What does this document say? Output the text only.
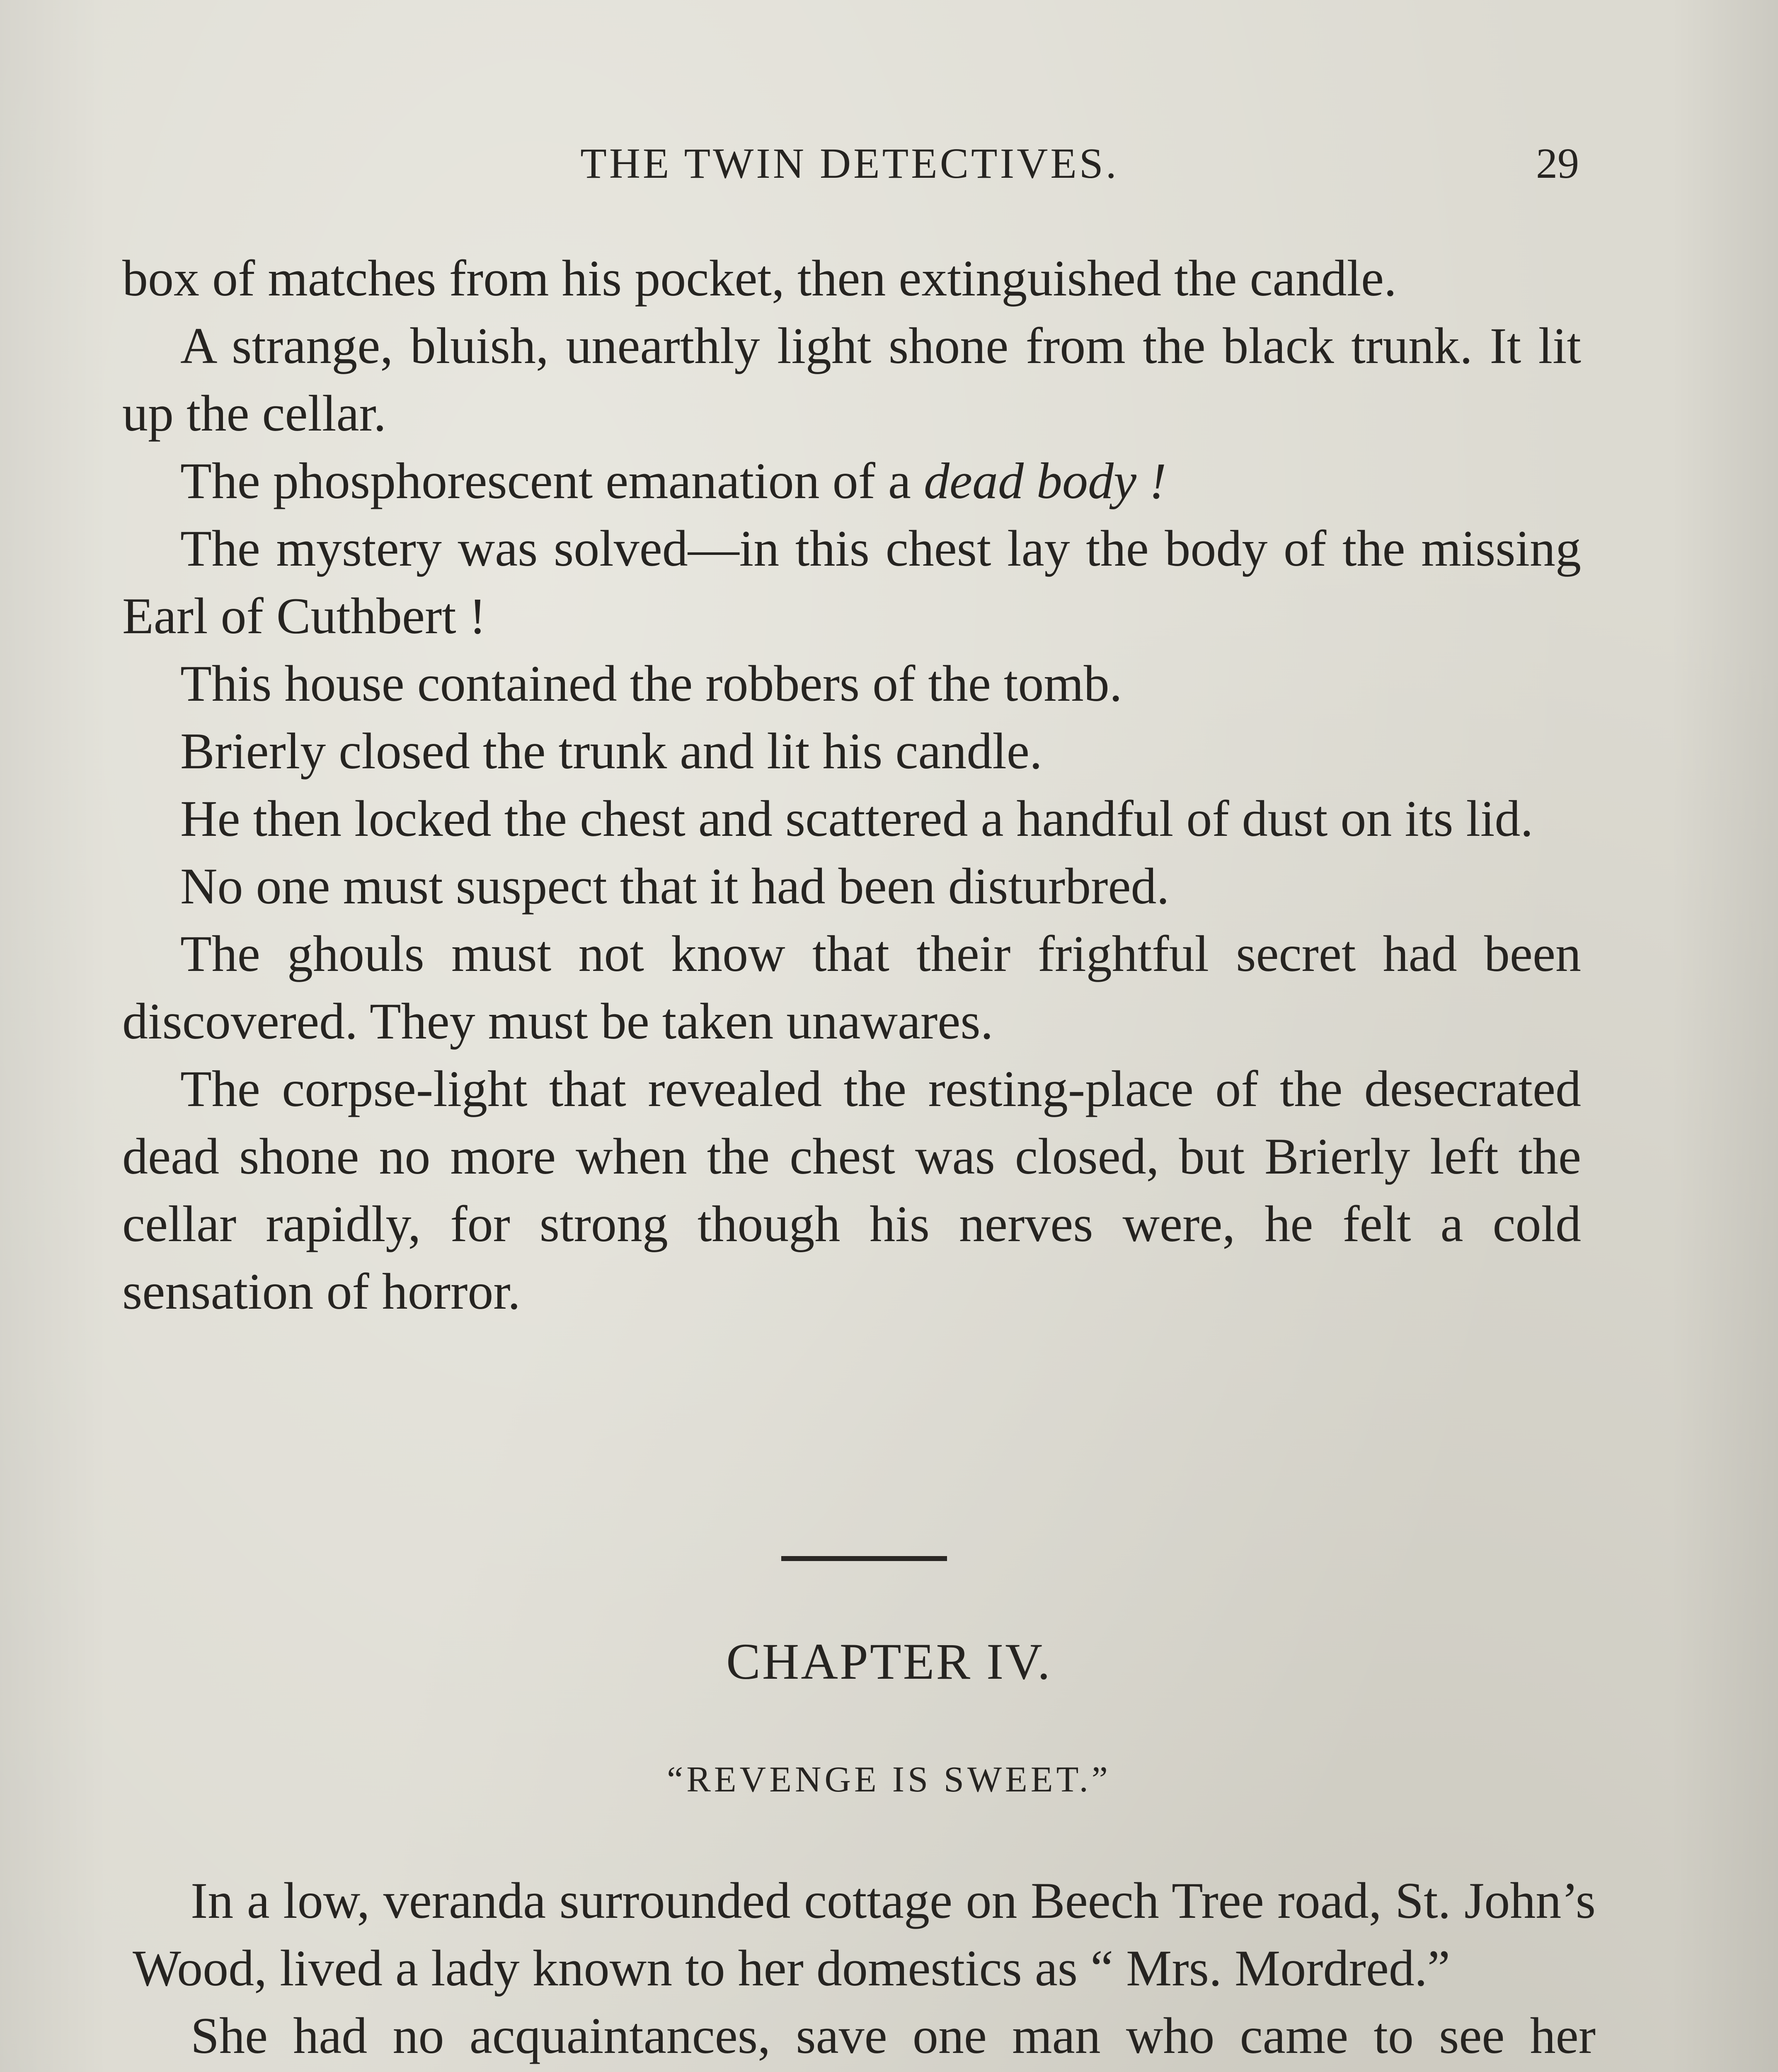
THE TWIN DETECTIVES.	29

box of matches from his pocket, then extinguished the candle.

A strange, bluish, unearthly light shone from the black trunk. It lit up the cellar.

The phosphorescent emanation of a dead body !

The mystery was solved—in this chest lay the body of the missing Earl of Cuthbert !

This house contained the robbers of the tomb.

Brierly closed the trunk and lit his candle.

He then locked the chest and scattered a handful of dust on its lid.

No one must suspect that it had been disturbred.

The ghouls must not know that their frightful secret had been discovered. They must be taken unawares.

The corpse-light that revealed the resting-place of the desecrated dead shone no more when the chest was closed, but Brierly left the cellar rapidly, for strong though his nerves were, he felt a cold sensation of horror.

CHAPTER IV.
“REVENGE IS SWEET.”

In a low, veranda surrounded cottage on Beech Tree road, St. John’s Wood, lived a lady known to her domestics as “ Mrs. Mordred.”

She had no acquaintances, save one man who came to see her
